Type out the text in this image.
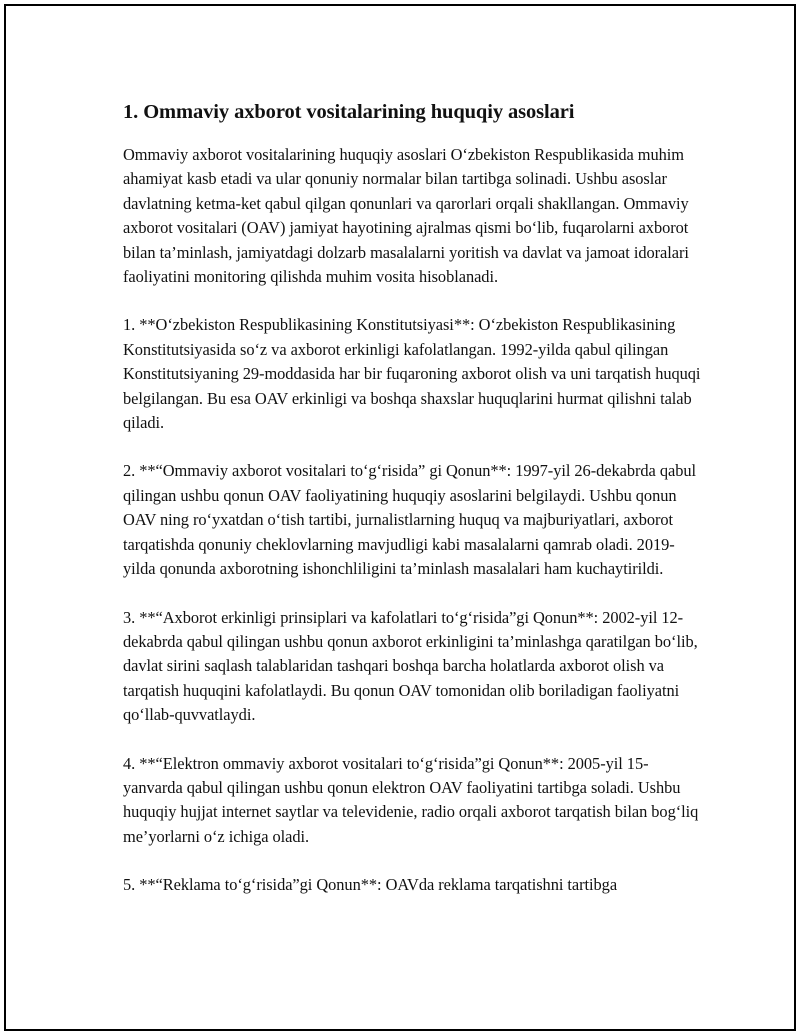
1. Ommaviy axborot vositalarining huquqiy asoslari

Ommaviy axborot vositalarining huquqiy asoslari O‘zbekiston Respublikasida muhim ahamiyat kasb etadi va ular qonuniy normalar bilan tartibga solinadi. Ushbu asoslar davlatning ketma-ket qabul qilgan qonunlari va qarorlari orqali shakllangan. Ommaviy axborot vositalari (OAV) jamiyat hayotining ajralmas qismi bo‘lib, fuqarolarni axborot bilan ta’minlash, jamiyatdagi dolzarb masalalarni yoritish va davlat va jamoat idoralari faoliyatini monitoring qilishda muhim vosita hisoblanadi.

1. **O‘zbekiston Respublikasining Konstitutsiyasi**: O‘zbekiston Respublikasining Konstitutsiyasida so‘z va axborot erkinligi kafolatlangan. 1992-yilda qabul qilingan Konstitutsiyaning 29-moddasida har bir fuqaroning axborot olish va uni tarqatish huquqi belgilangan. Bu esa OAV erkinligi va boshqa shaxslar huquqlarini hurmat qilishni talab qiladi.

2. **“Ommaviy axborot vositalari to‘g‘risida” gi Qonun**: 1997-yil 26-dekabrda qabul qilingan ushbu qonun OAV faoliyatining huquqiy asoslarini belgilaydi. Ushbu qonun OAV ning ro‘yxatdan o‘tish tartibi, jurnalistlarning huquq va majburiyatlari, axborot tarqatishda qonuniy cheklovlarning mavjudligi kabi masalalarni qamrab oladi. 2019-yilda qonunda axborotning ishonchliligini ta’minlash masalalari ham kuchaytirildi.

3. **“Axborot erkinligi prinsiplari va kafolatlari to‘g‘risida”gi Qonun**: 2002-yil 12-dekabrda qabul qilingan ushbu qonun axborot erkinligini ta’minlashga qaratilgan bo‘lib, davlat sirini saqlash talablaridan tashqari boshqa barcha holatlarda axborot olish va tarqatish huquqini kafolatlaydi. Bu qonun OAV tomonidan olib boriladigan faoliyatni qo‘llab-quvvatlaydi.

4. **“Elektron ommaviy axborot vositalari to‘g‘risida”gi Qonun**: 2005-yil 15-yanvarda qabul qilingan ushbu qonun elektron OAV faoliyatini tartibga soladi. Ushbu huquqiy hujjat internet saytlar va televidenie, radio orqali axborot tarqatish bilan bog‘liq me’yorlarni o‘z ichiga oladi.

5. **“Reklama to‘g‘risida”gi Qonun**: OAVda reklama tarqatishni tartibga
